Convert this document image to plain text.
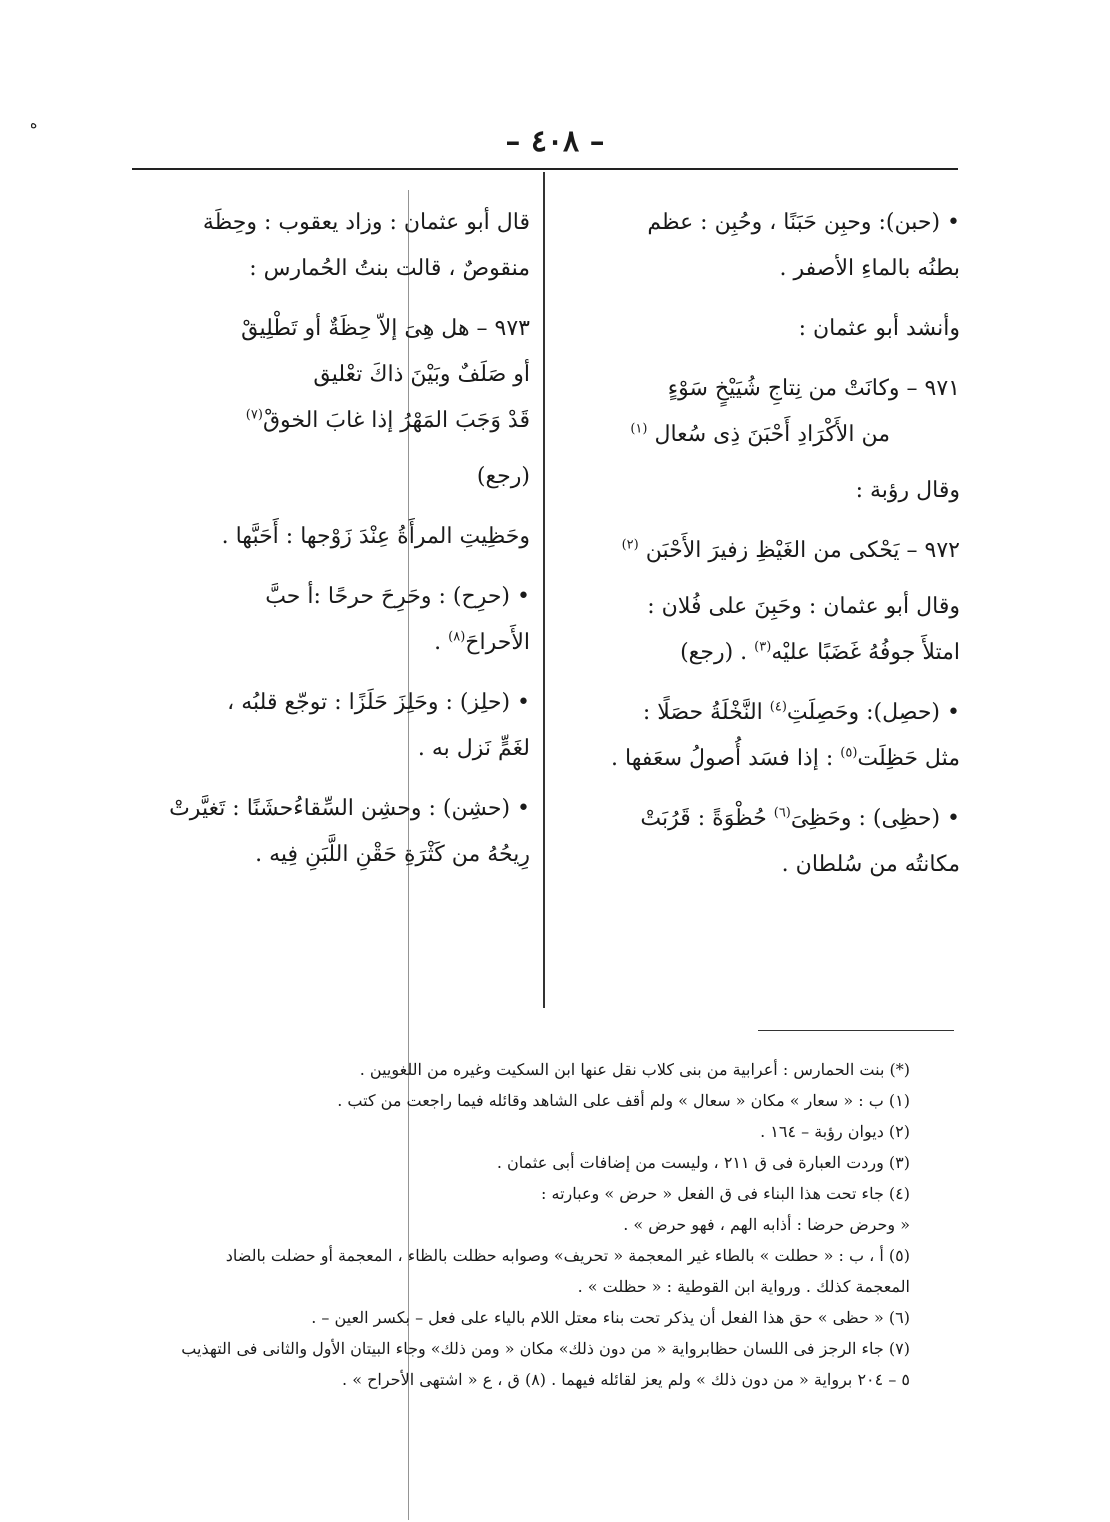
ه	– ٤٠٨ –

• (حبن): وحبِن حَبَنًا ، وحُبِن : عظم
بطنُه بالماءِ الأصفر .

وأنشد أبو عثمان :

٩٧١ – وكانَتْ من نِتاجِ شُيَيْخٍ سَوْءٍ
من الأَكْرَادِ أَحْبَنَ ذِى سُعال $^{(١)}$

وقال رؤبة :

٩٧٢ – يَحْكى من الغَيْظِ زفيرَ الأَحْبَن $^{(٢)}$

وقال أبو عثمان : وحَبِنَ على فُلان :
امتلأَ جوفُهُ غَضَبًا عليْه$^{(٣)}$ . (رجع)

• (حصِل): وحَصِلَتِ$^{(٤)}$ النَّخْلَةُ حصَلًا :
مثل حَظِلَت$^{(٥)}$ : إذا فسَد أُصولُ سعَفها .

• (حظِى) : وحَظِىَ$^{(٦)}$ حُظْوَةً : قَرُبَتْ
مكانتُه من سُلطان .

قال أبو عثمان : وزاد يعقوب : وحِظَة
منقوصٌ ، قالت بنتُ الحُمارس :

٩٧٣ – هل هِىَ إلاّ حِظَةٌ أو تَطْلِيقْ
أو صَلَفٌ وبَيْنَ ذاكَ تعْليق
قَدْ وَجَبَ المَهْرُ إذا غابَ الخوقْ$^{(٧)}$

(رجع)

وحَظِيتِ المرأَةُ عِنْدَ زَوْجها : أَحَبَّها .

• (حرِح) : وحَرِحَ حرحًا :أ حبَّ
الأَحراحَ$^{(٨)}$ .

• (حلِز) : وحَلِزَ حَلَزًا : توجّع قلبُه ،
لغَمٍّ نَزل به .

• (حشِن) : وحشِن السِّقاءُحشَنًا : تَغيَّرتْ
رِيحُهُ من كَثْرَةِ حَقْنِ اللَّبَنِ فِيه .

(*) بنت الحمارس : أعرابية من بنى كلاب نقل عنها ابن السكيت وغيره من اللغويين .

(١) ب : « سعار » مكان « سعال » ولم أقف على الشاهد وقائله فيما راجعت من كتب .

(٢) ديوان رؤبة – ١٦٤ .

(٣) وردت العبارة فى ق ٢١١ ، وليست من إضافات أبى عثمان .

(٤) جاء تحت هذا البناء فى ق الفعل « حرض » وعبارته :

« وحرض حرضا : أذابه الهم ، فهو حرض » .

(٥) أ ، ب : « حطلت » بالطاء غير المعجمة « تحريف» وصوابه حظلت بالظاء ، المعجمة أو حضلت بالضاد

المعجمة كذلك . ورواية ابن القوطية : « حظلت » .

(٦) « حظى » حق هذا الفعل أن يذكر تحت بناء معتل اللام بالياء على فعل – بكسر العين – .

(٧) جاء الرجز فى اللسان حظابرواية « من دون ذلك» مكان « ومن ذلك» وجاء البيتان الأول والثانى فى التهذيب

٥ – ٢٠٤ برواية « من دون ذلك » ولم يعز لقائله فيهما . (٨) ق ، ع « اشتهى الأحراح » .
